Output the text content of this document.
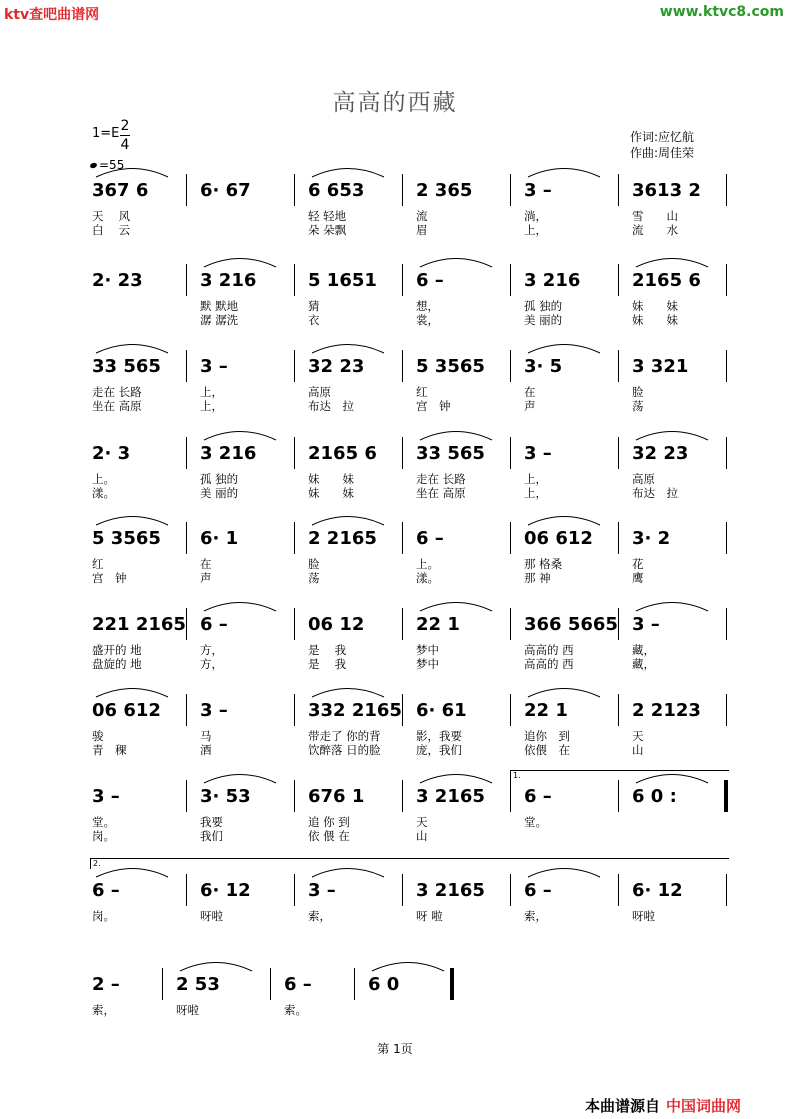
ktv查吧曲谱网	www.ktvc8.com
高高的西藏
1=E 2
4
=55
作词:应忆航
作曲:周佳荣
367 6
天　 风
白　 云
6· 67	6 653
轻 轻地
朵 朵飘
2 365
流
眉
3 –
淌，
上，
3613 2
雪　　山
流　　水
2· 23	3 216
默 默地
潺 潺洗
5 1651
猜
衣
6 –
想，
裳，
3 216
孤 独的
美 丽的
2165 6
妹　　妹
妹　　妹
33 565
走在 长路
坐在 高原
3 –
上，
上，
32 23
高原
布达　拉
5 3565
红
宫　钟
3· 5
在
声
3 321
脸
荡
2· 3
上。
漾。
3 216
孤 独的
美 丽的
2165 6
妹　　妹
妹　　妹
33 565
走在 长路
坐在 高原
3 –
上，
上，
32 23
高原
布达　拉
5 3565
红
宫　钟
6· 1
在
声
2 2165
脸
荡
6 –
上。
漾。
06 612
那 格桑
那 神
3· 2
花
鹰
221 2165
盛开的 地
盘旋的 地
6 –
方，
方，
06 12
是　 我
是　 我
22 1
梦中
梦中
366 5665
高高的 西
高高的 西
3 –
藏，
藏，
06 612
骏
青　稞
3 –
马
酒
332 2165
带走了 你的背
饮醉落 日的脸
6· 61
影，我要
庞，我们
22 1
追你　到
依偎　在
2 2123
天
山
3 –
堂。
岗。
3· 53
我要
我们
676 1
追 你 到
依 偎 在
3 2165
天
山
6 –
堂。
6 0 :
1.
6 –
岗。
6· 12
呀啦
3 –
索，
3 2165
呀 啦
6 –
索，
6· 12
呀啦
2.
2 –
索，
2 53
呀啦
6 –
索。
6 0
第 1页
本曲谱源自 中国词曲网
